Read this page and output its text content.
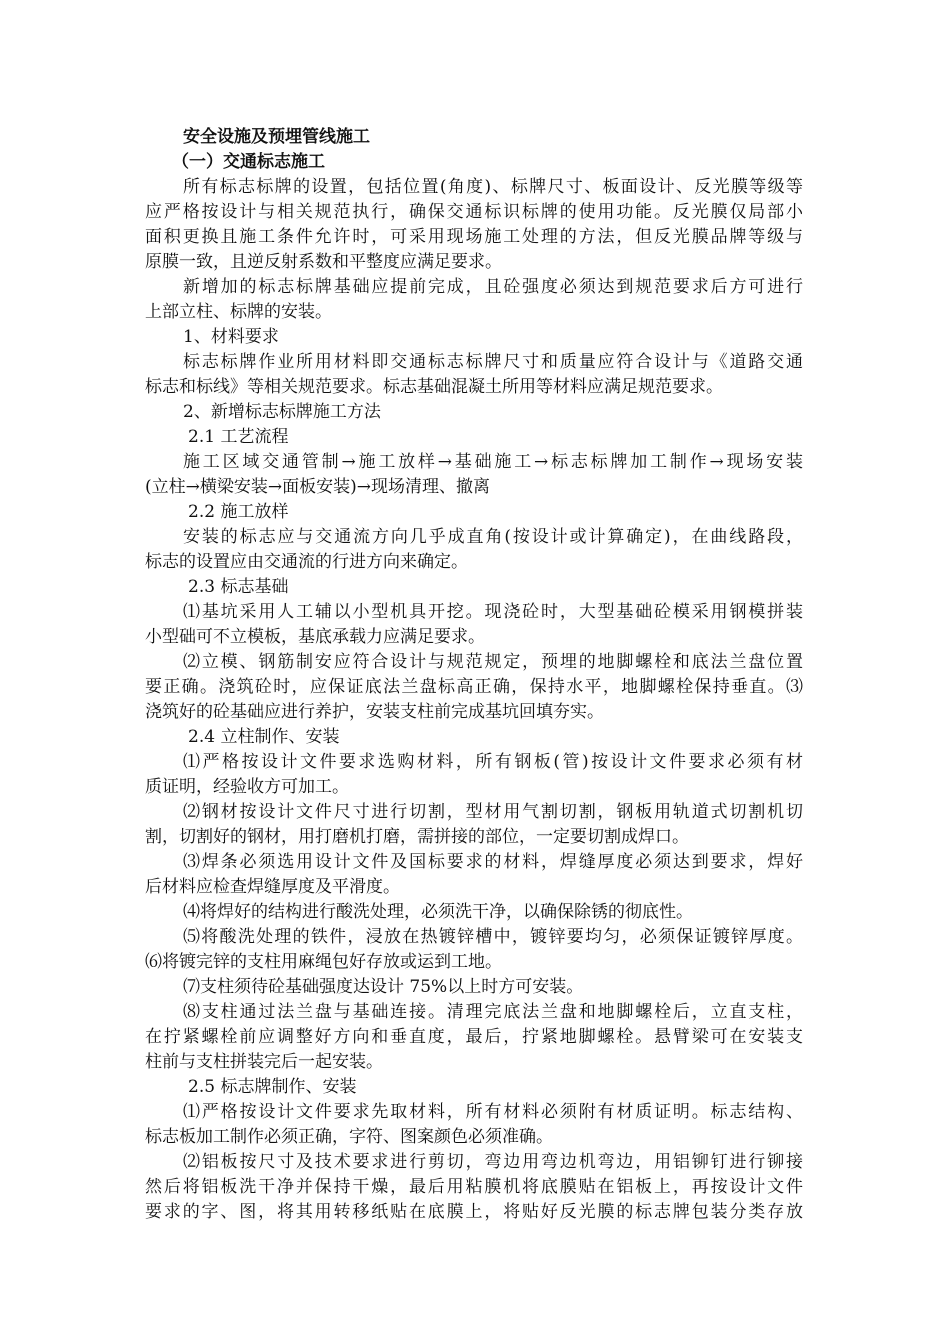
安全设施及预埋管线施工
（一）交通标志施工
所有标志标牌的设置，包括位置(角度)、标牌尺寸、板面设计、反光膜等级等
应严格按设计与相关规范执行，确保交通标识标牌的使用功能。反光膜仅局部小
面积更换且施工条件允许时，可采用现场施工处理的方法，但反光膜品牌等级与
原膜一致，且逆反射系数和平整度应满足要求。
新增加的标志标牌基础应提前完成，且砼强度必须达到规范要求后方可进行
上部立柱、标牌的安装。
1、材料要求
标志标牌作业所用材料即交通标志标牌尺寸和质量应符合设计与《道路交通
标志和标线》等相关规范要求。标志基础混凝土所用等材料应满足规范要求。
2、新增标志标牌施工方法
2.1 工艺流程
施工区域交通管制→施工放样→基础施工→标志标牌加工制作→现场安装
(立柱→横梁安装→面板安装)→现场清理、撤离
2.2 施工放样
安装的标志应与交通流方向几乎成直角(按设计或计算确定)，在曲线路段，
标志的设置应由交通流的行进方向来确定。
2.3 标志基础
⑴基坑采用人工辅以小型机具开挖。现浇砼时，大型基础砼模采用钢模拼装
小型础可不立模板，基底承载力应满足要求。
⑵立模、钢筋制安应符合设计与规范规定，预埋的地脚螺栓和底法兰盘位置
要正确。浇筑砼时，应保证底法兰盘标高正确，保持水平，地脚螺栓保持垂直。⑶
浇筑好的砼基础应进行养护，安装支柱前完成基坑回填夯实。
2.4 立柱制作、安装
⑴严格按设计文件要求选购材料，所有钢板(管)按设计文件要求必须有材
质证明，经验收方可加工。
⑵钢材按设计文件尺寸进行切割，型材用气割切割，钢板用轨道式切割机切
割，切割好的钢材，用打磨机打磨，需拼接的部位，一定要切割成焊口。
⑶焊条必须选用设计文件及国标要求的材料，焊缝厚度必须达到要求，焊好
后材料应检查焊缝厚度及平滑度。
⑷将焊好的结构进行酸洗处理，必须洗干净，以确保除锈的彻底性。
⑸将酸洗处理的铁件，浸放在热镀锌槽中，镀锌要均匀，必须保证镀锌厚度。
⑹将镀完锌的支柱用麻绳包好存放或运到工地。
⑺支柱须待砼基础强度达设计 75%以上时方可安装。
⑻支柱通过法兰盘与基础连接。清理完底法兰盘和地脚螺栓后，立直支柱，
在拧紧螺栓前应调整好方向和垂直度，最后，拧紧地脚螺栓。悬臂梁可在安装支
柱前与支柱拼装完后一起安装。
2.5 标志牌制作、安装
⑴严格按设计文件要求先取材料，所有材料必须附有材质证明。标志结构、
标志板加工制作必须正确，字符、图案颜色必须准确。
⑵铝板按尺寸及技术要求进行剪切，弯边用弯边机弯边，用铝铆钉进行铆接
然后将铝板洗干净并保持干燥，最后用粘膜机将底膜贴在铝板上，再按设计文件
要求的字、图，将其用转移纸贴在底膜上，将贴好反光膜的标志牌包装分类存放
